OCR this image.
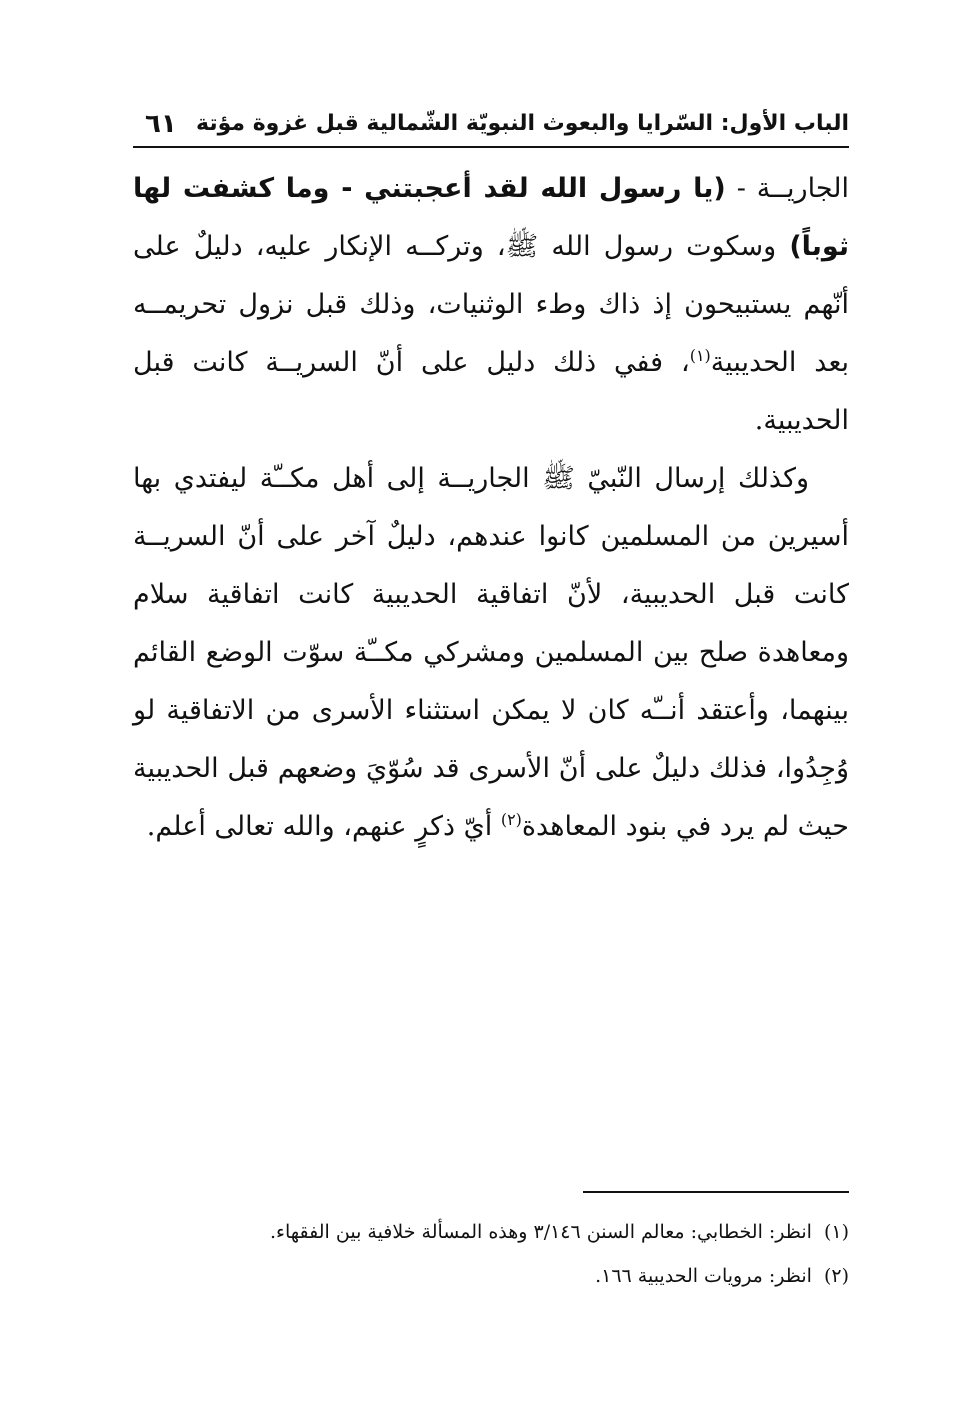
الباب الأول: السّرايا والبعوث النبويّة الشّمالية قبل غزوة مؤتة
٦١

الجاريــة - (يا رسول الله لقد أعجبتني - وما كشفت لها ثوباً) وسكوت رسول الله ﷺ، وتركــه الإنكار عليه، دليلٌ على أنّهم يستبيحون إذ ذاك وطء الوثنيات، وذلك قبل نزول تحريمــه بعد الحديبية$^{(١)}$، ففي ذلك دليل على أنّ السريــة كانت قبل الحديبية.

وكذلك إرسال النّبيّ ﷺ الجاريــة إلى أهل مكــّة ليفتدي بها أسيرين من المسلمين كانوا عندهم، دليلٌ آخر على أنّ السريــة كانت قبل الحديبية، لأنّ اتفاقية الحديبية كانت اتفاقية سلام ومعاهدة صلح بين المسلمين ومشركي مكــّة سوّت الوضع القائم بينهما، وأعتقد أنــّه كان لا يمكن استثناء الأسرى من الاتفاقية لو وُجِدُوا، فذلك دليلٌ على أنّ الأسرى قد سُوّيَ وضعهم قبل الحديبية حيث لم يرد في بنود المعاهدة$^{(٢)}$ أيّ ذكرٍ عنهم، والله تعالى أعلم.

(١)انظر: الخطابي: معالم السنن ٣/١٤٦ وهذه المسألة خلافية بين الفقهاء.

(٢)انظر: مرويات الحديبية ١٦٦.
